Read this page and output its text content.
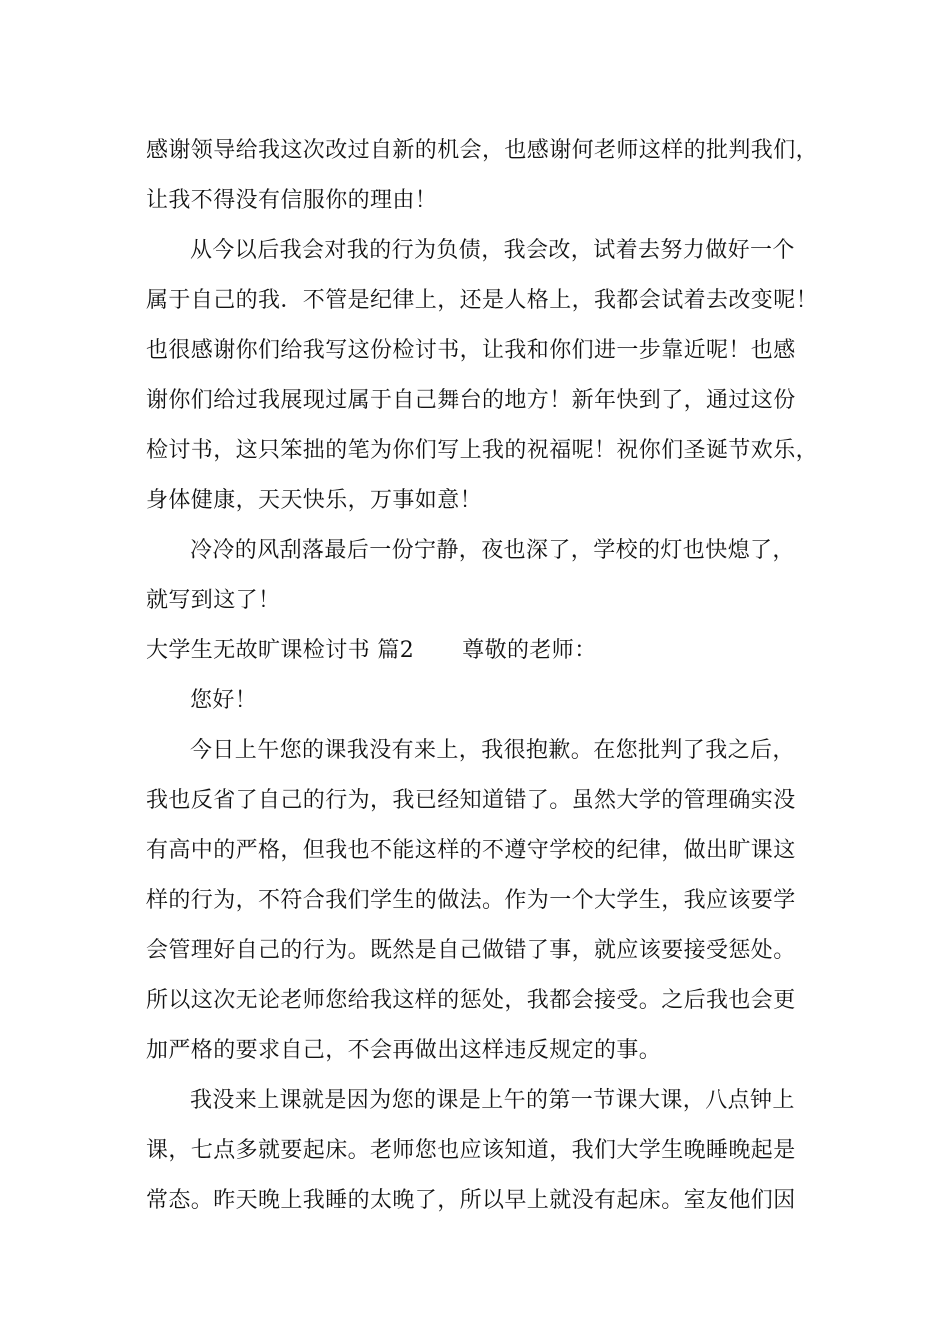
感谢领导给我这次改过自新的机会，也感谢何老师这样的批判我们，
让我不得没有信服你的理由！
从今以后我会对我的行为负债，我会改，试着去努力做好一个
属于自己的我．不管是纪律上，还是人格上，我都会试着去改变呢！
也很感谢你们给我写这份检讨书，让我和你们进一步靠近呢！也感
谢你们给过我展现过属于自己舞台的地方！新年快到了，通过这份
检讨书，这只笨拙的笔为你们写上我的祝福呢！祝你们圣诞节欢乐，
身体健康，天天快乐，万事如意！
冷冷的风刮落最后一份宁静，夜也深了，学校的灯也快熄了，
就写到这了！
大学生无故旷课检讨书 篇2 尊敬的老师：
您好！
今日上午您的课我没有来上，我很抱歉。在您批判了我之后，
我也反省了自己的行为，我已经知道错了。虽然大学的管理确实没
有高中的严格，但我也不能这样的不遵守学校的纪律，做出旷课这
样的行为，不符合我们学生的做法。作为一个大学生，我应该要学
会管理好自己的行为。既然是自己做错了事，就应该要接受惩处。
所以这次无论老师您给我这样的惩处，我都会接受。之后我也会更
加严格的要求自己，不会再做出这样违反规定的事。
我没来上课就是因为您的课是上午的第一节课大课，八点钟上
课，七点多就要起床。老师您也应该知道，我们大学生晚睡晚起是
常态。昨天晚上我睡的太晚了，所以早上就没有起床。室友他们因
